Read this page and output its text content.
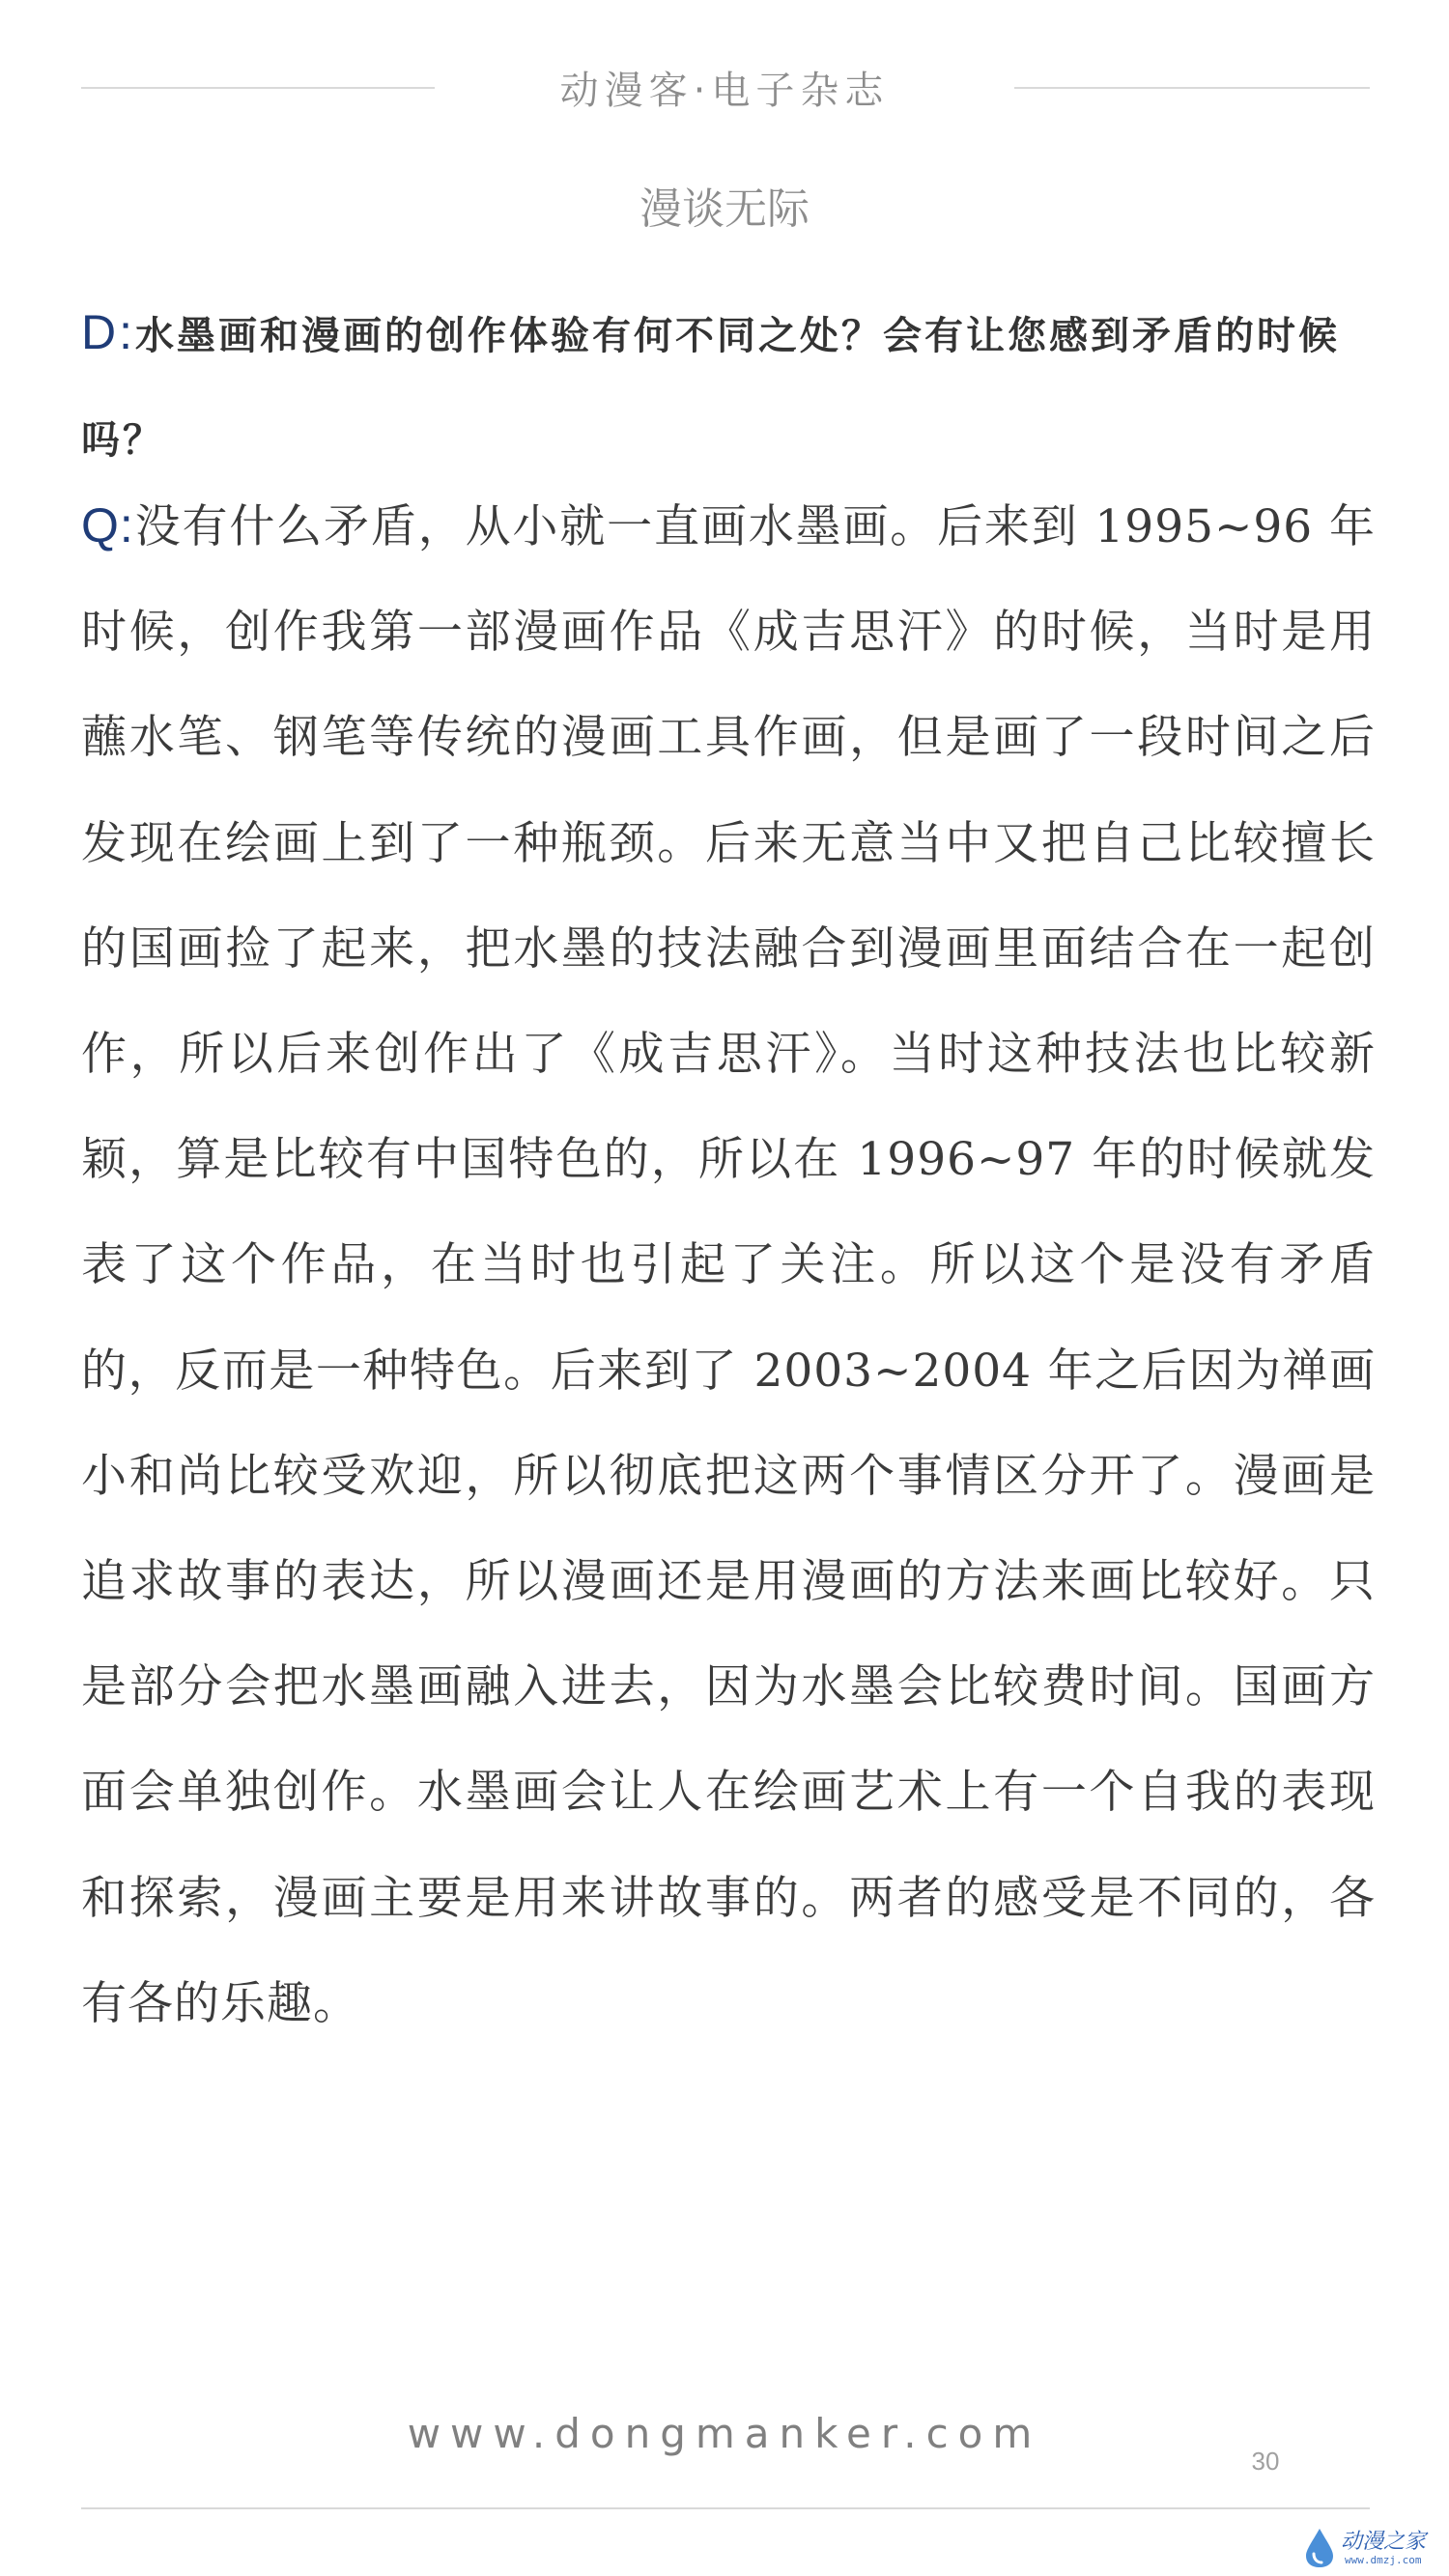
动漫客·电子杂志
漫谈无际
D:水墨画和漫画的创作体验有何不同之处？会有让您感到矛盾的时候吗？
Q:没有什么矛盾，从小就一直画水墨画。后来到 1995~96 年时候，创作我第一部漫画作品《成吉思汗》的时候，当时是用蘸水笔、钢笔等传统的漫画工具作画，但是画了一段时间之后发现在绘画上到了一种瓶颈。后来无意当中又把自己比较擅长的国画捡了起来，把水墨的技法融合到漫画里面结合在一起创作，所以后来创作出了《成吉思汗》。当时这种技法也比较新颖，算是比较有中国特色的，所以在 1996~97 年的时候就发表了这个作品，在当时也引起了关注。所以这个是没有矛盾的，反而是一种特色。后来到了 2003~2004 年之后因为禅画小和尚比较受欢迎，所以彻底把这两个事情区分开了。漫画是追求故事的表达，所以漫画还是用漫画的方法来画比较好。只是部分会把水墨画融入进去，因为水墨会比较费时间。国画方面会单独创作。水墨画会让人在绘画艺术上有一个自我的表现和探索，漫画主要是用来讲故事的。两者的感受是不同的，各有各的乐趣。
www.dongmanker.com
30
动漫之家
www.dmzj.com
